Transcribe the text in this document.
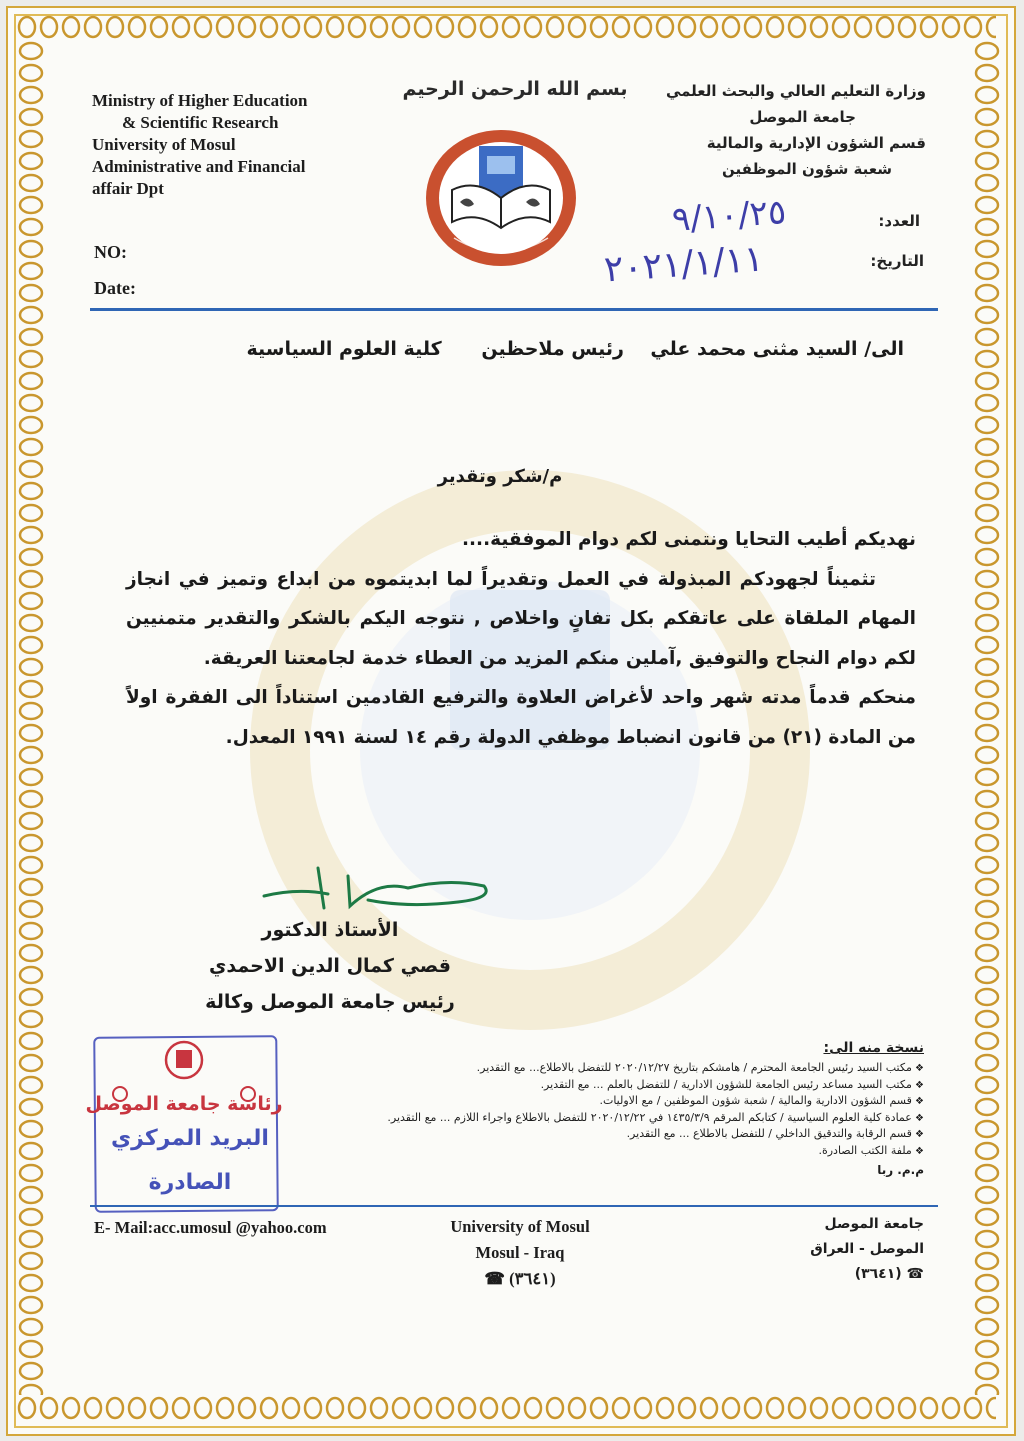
Ministry of Higher Education
& Scientific Research
University of Mosul
Administrative and Financial
affair Dpt
NO:
Date:
بسم الله الرحمن الرحيم	وزارة التعليم العالي والبحث العلمي
جامعة الموصل
قسم الشؤون الإدارية والمالية
شعبة شؤون الموظفين
العدد:
التاريخ:
٩/١٠/٢٥
٢٠٢١/١/١١
الى/ السيد مثنى محمد علي    رئيس ملاحظين      كلية العلوم السياسية
م/شكر وتقدير

نهديكم أطيب التحايا ونتمنى لكم دوام الموفقية....

تثميناً لجهودكم المبذولة في العمل وتقديراً لما ابديتموه من ابداع وتميز في انجاز المهام الملقاة على عاتقكم بكل تفانٍ واخلاص , نتوجه اليكم بالشكر والتقدير متمنيين لكم دوام النجاح والتوفيق ,آملين منكم المزيد من العطاء خدمة لجامعتنا العريقة.

منحكم قدماً مدته شهر واحد لأغراض العلاوة والترفيع القادمين استناداً الى الفقرة اولاً من المادة (٢١) من قانون انضباط موظفي الدولة رقم ١٤ لسنة ١٩٩١ المعدل.

الأستاذ الدكتور
قصي كمال الدين الاحمدي
رئيس جامعة الموصل وكالة
نسخة منه الى:
❖ مكتب السيد رئيس الجامعة المحترم / هامشكم بتاريخ ٢٠٢٠/١٢/٢٧ للتفضل بالاطلاع... مع التقدير.
❖ مكتب السيد مساعد رئيس الجامعة للشؤون الادارية / للتفضل بالعلم ... مع التقدير.
❖ قسم الشؤون الادارية والمالية / شعبة شؤون الموظفين / مع الاوليات.
❖ عمادة كلية العلوم السياسية / كتابكم المرقم ١٤٣٥/٣/٩ في ٢٠٢٠/١٢/٢٢ للتفضل بالاطلاع واجراء اللازم ... مع التقدير.
❖ قسم الرقابة والتدقيق الداخلي / للتفضل بالاطلاع ... مع التقدير.
❖ ملفة الكتب الصادرة.
م.م. ربا
رئاسة جامعة الموصل
البريد المركزي
الصادرة
E- Mail:acc.umosul @yahoo.com	University of Mosul
Mosul - Iraq
☎ (٣٦٤١)
جامعة الموصل
الموصل - العراق
☎ (٣٦٤١)
